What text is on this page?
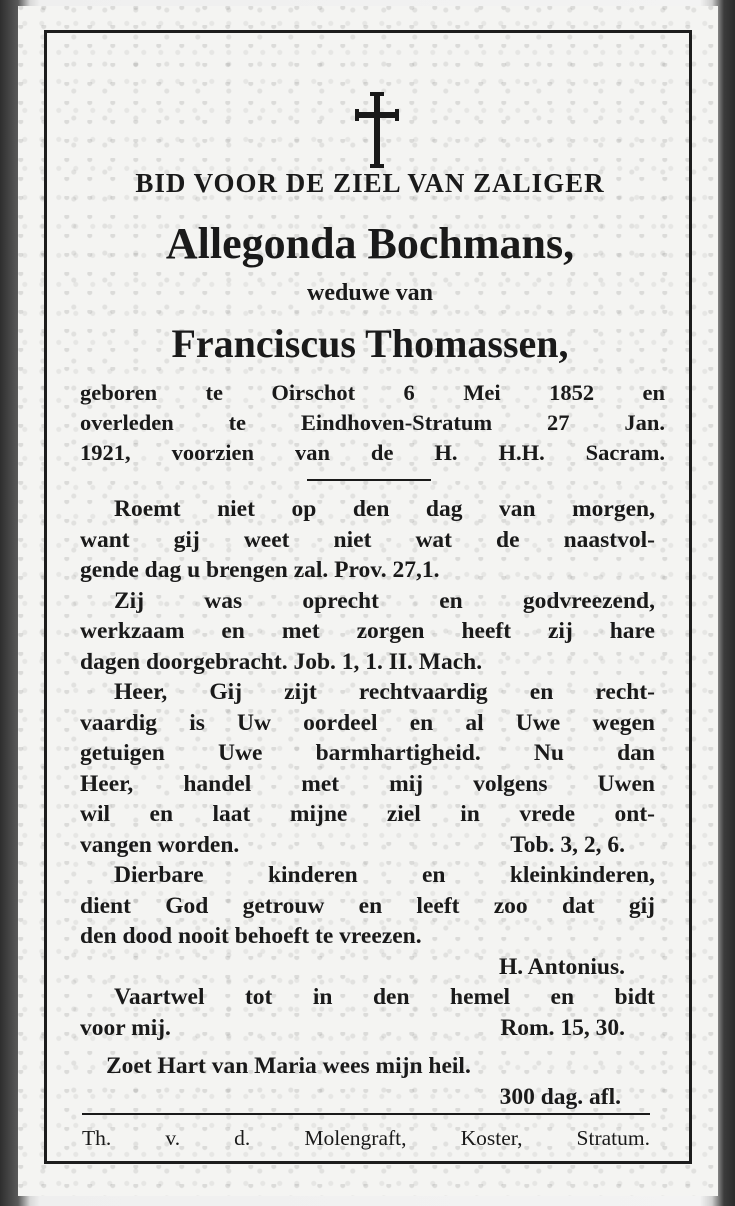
BID VOOR DE ZIEL VAN ZALIGER
Allegonda Bochmans,
weduwe van
Franciscus Thomassen,
geboren te Oirschot 6 Mei 1852 en
overleden te Eindhoven-Stratum 27 Jan.
1921, voorzien van de H. H.H. Sacram.
Roemt niet op den dag van morgen,
want gij weet niet wat de naastvol-
gende dag u brengen zal. Prov. 27,1.
Zij was oprecht en godvreezend,
werkzaam en met zorgen heeft zij hare
dagen doorgebracht. Job. 1, 1. II. Mach.
Heer, Gij zijt rechtvaardig en recht-
vaardig is Uw oordeel en al Uwe wegen
getuigen Uwe barmhartigheid. Nu dan
Heer, handel met mij volgens Uwen
wil en laat mijne ziel in vrede ont-
vangen worden.	Tob. 3, 2, 6.
Dierbare kinderen en kleinkinderen,
dient God getrouw en leeft zoo dat gij
den dood nooit behoeft te vreezen.
H. Antonius.
Vaartwel tot in den hemel en bidt
voor mij.	Rom. 15, 30.
Zoet Hart van Maria wees mijn heil.
300 dag. afl.
Th. v. d. Molengraft, Koster, Stratum.
